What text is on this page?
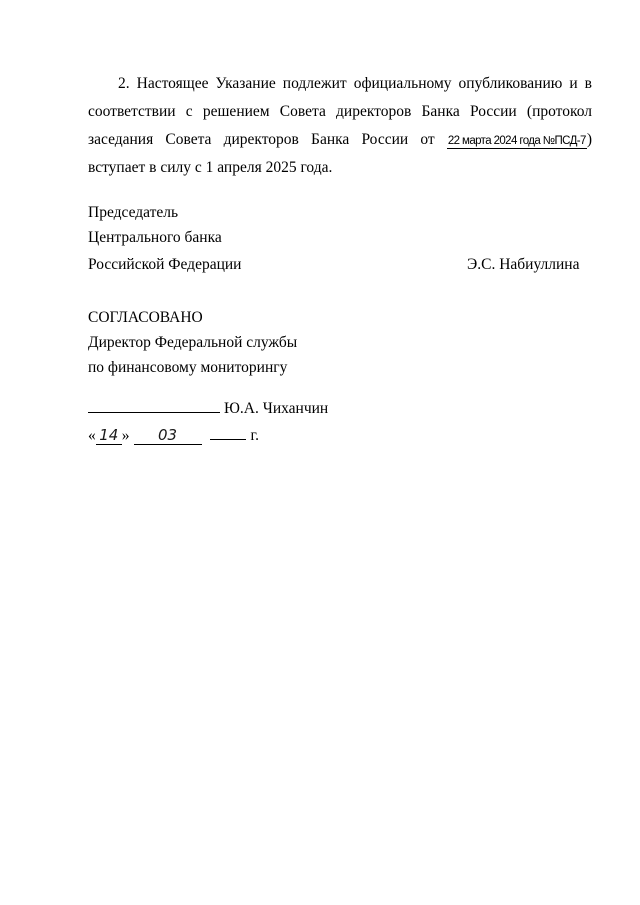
2. Настоящее Указание подлежит официальному опубликованию и в соответствии с решением Совета директоров Банка России (протокол заседания Совета директоров Банка России от 22 марта 2024 года №ПСД-7) вступает в силу с 1 апреля 2025 года.

Председатель

Центрального банка

Российской Федерации	Э.С. Набиуллина

СОГЛАСОВАНО

Директор Федеральной службы

по финансовому мониторингу

Ю.А. Чиханчин

« 14 » 03	г.
